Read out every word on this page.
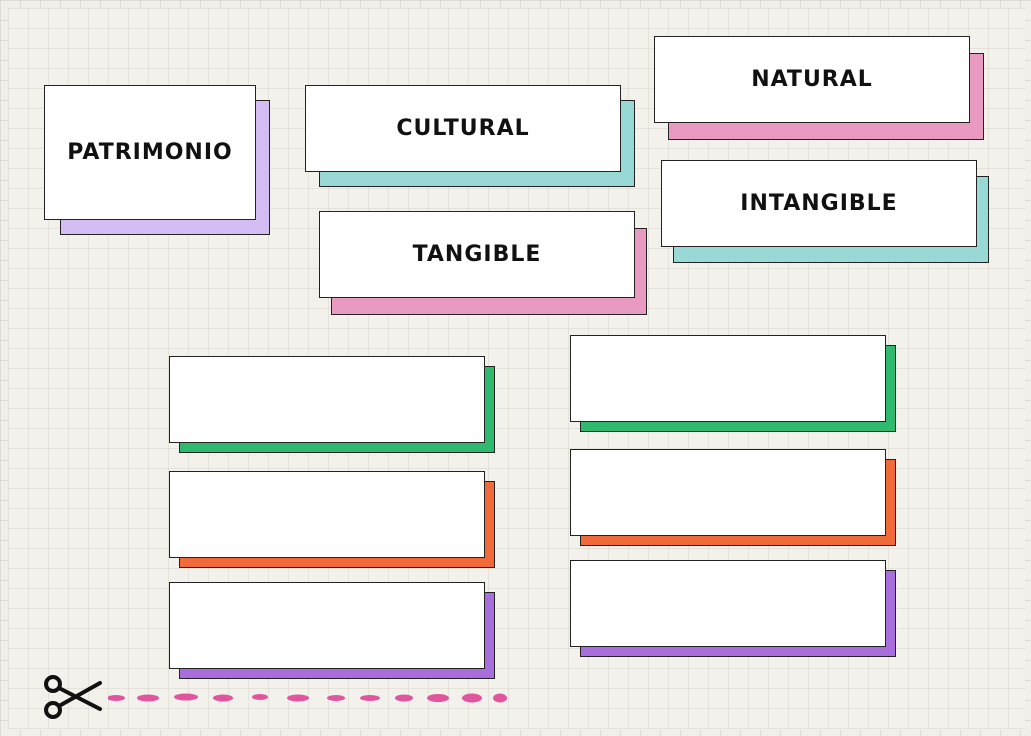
PATRIMONIO
CULTURAL
NATURAL
INTANGIBLE
TANGIBLE
